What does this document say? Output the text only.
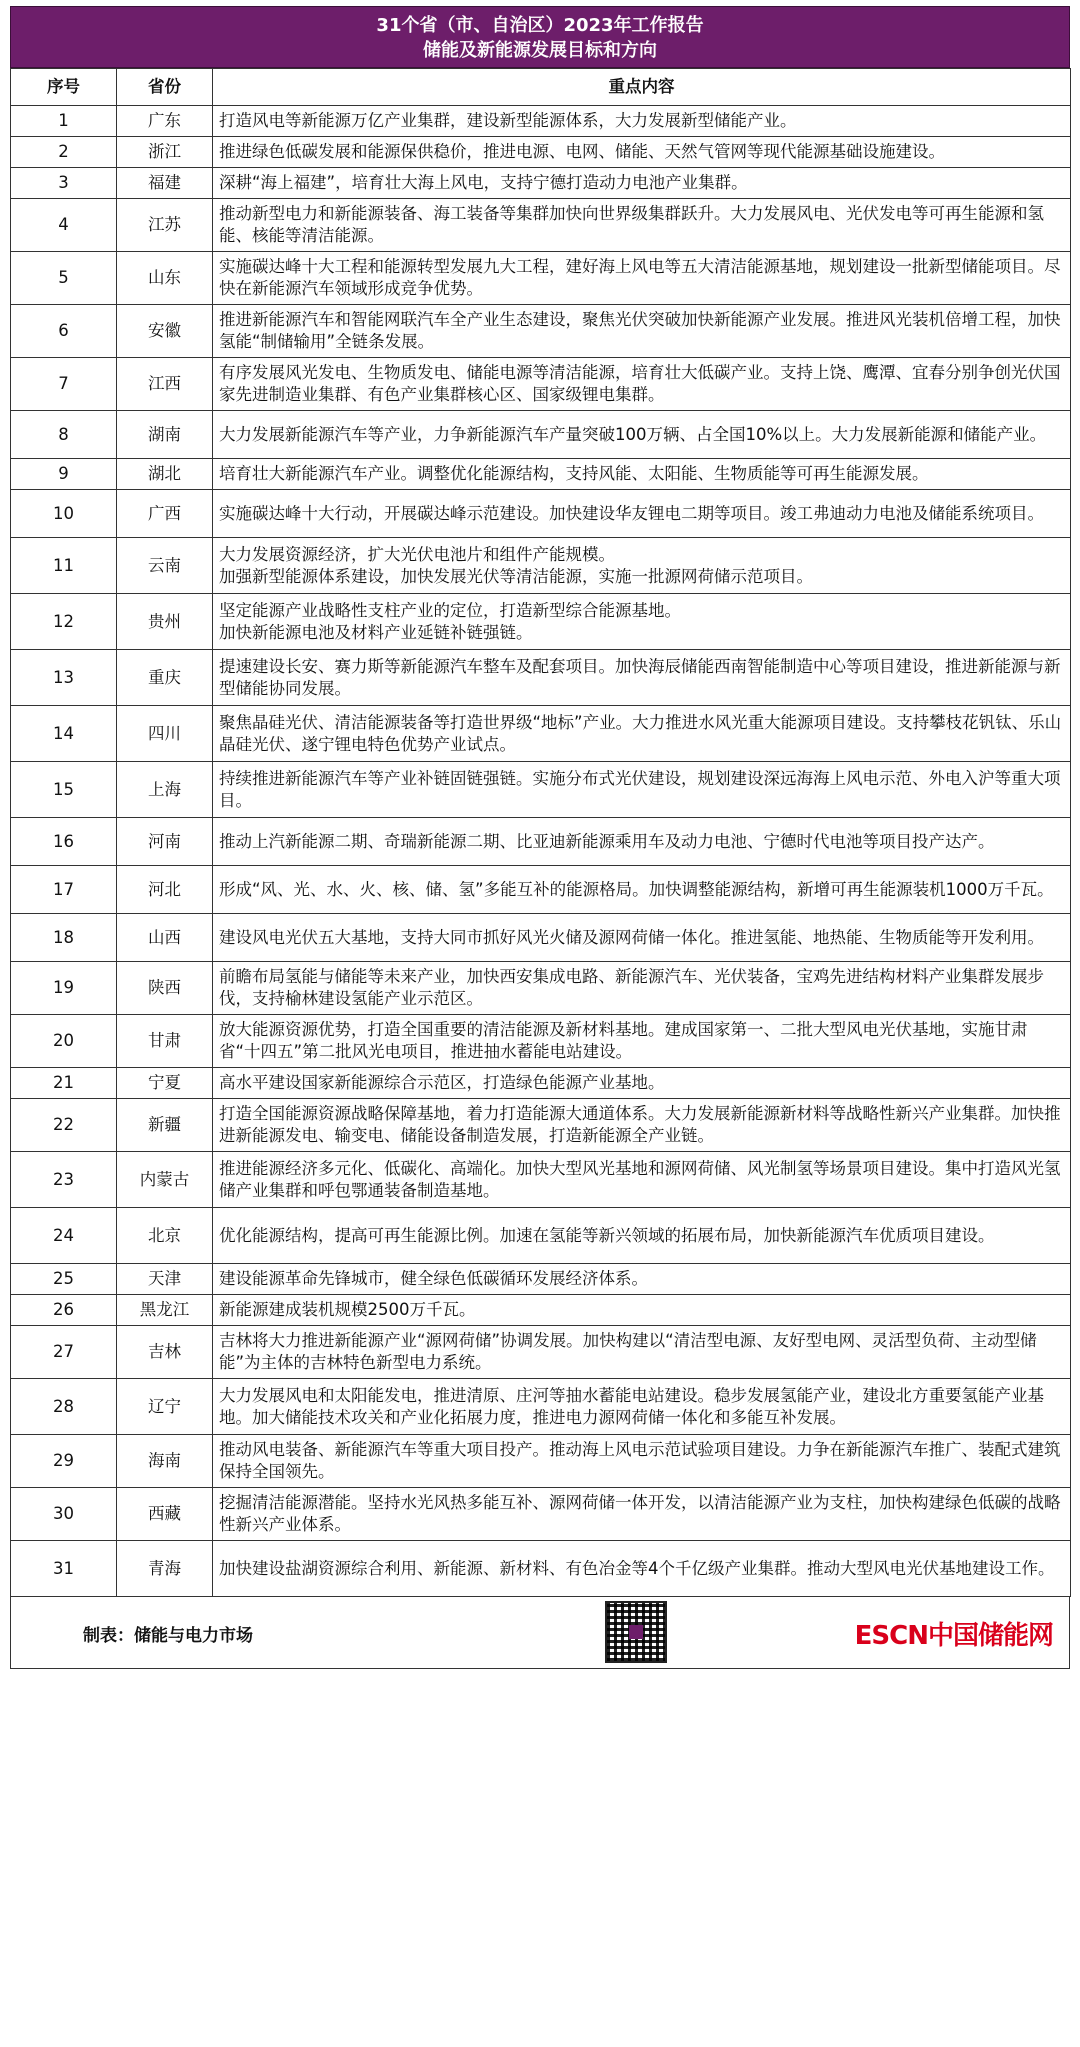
31个省（市、自治区）2023年工作报告
储能及新能源发展目标和方向
序号	省份	重点内容
1	广东	打造风电等新能源万亿产业集群，建设新型能源体系，大力发展新型储能产业。
2	浙江	推进绿色低碳发展和能源保供稳价，推进电源、电网、储能、天然气管网等现代能源基础设施建设。
3	福建	深耕“海上福建”，培育壮大海上风电，支持宁德打造动力电池产业集群。
4	江苏	推动新型电力和新能源装备、海工装备等集群加快向世界级集群跃升。大力发展风电、光伏发电等可再生能源和氢能、核能等清洁能源。
5	山东	实施碳达峰十大工程和能源转型发展九大工程，建好海上风电等五大清洁能源基地，规划建设一批新型储能项目。尽快在新能源汽车领域形成竞争优势。
6	安徽	推进新能源汽车和智能网联汽车全产业生态建设，聚焦光伏突破加快新能源产业发展。推进风光装机倍增工程，加快氢能“制储输用”全链条发展。
7	江西	有序发展风光发电、生物质发电、储能电源等清洁能源，培育壮大低碳产业。支持上饶、鹰潭、宜春分别争创光伏国家先进制造业集群、有色产业集群核心区、国家级锂电集群。
8	湖南	大力发展新能源汽车等产业，力争新能源汽车产量突破100万辆、占全国10%以上。大力发展新能源和储能产业。
9	湖北	培育壮大新能源汽车产业。调整优化能源结构，支持风能、太阳能、生物质能等可再生能源发展。
10	广西	实施碳达峰十大行动，开展碳达峰示范建设。加快建设华友锂电二期等项目。竣工弗迪动力电池及储能系统项目。
11	云南	大力发展资源经济，扩大光伏电池片和组件产能规模。
加强新型能源体系建设，加快发展光伏等清洁能源，实施一批源网荷储示范项目。
12	贵州	坚定能源产业战略性支柱产业的定位，打造新型综合能源基地。
加快新能源电池及材料产业延链补链强链。
13	重庆	提速建设长安、赛力斯等新能源汽车整车及配套项目。加快海辰储能西南智能制造中心等项目建设，推进新能源与新型储能协同发展。
14	四川	聚焦晶硅光伏、清洁能源装备等打造世界级“地标”产业。大力推进水风光重大能源项目建设。支持攀枝花钒钛、乐山晶硅光伏、遂宁锂电特色优势产业试点。
15	上海	持续推进新能源汽车等产业补链固链强链。实施分布式光伏建设，规划建设深远海海上风电示范、外电入沪等重大项目。
16	河南	推动上汽新能源二期、奇瑞新能源二期、比亚迪新能源乘用车及动力电池、宁德时代电池等项目投产达产。
17	河北	形成“风、光、水、火、核、储、氢”多能互补的能源格局。加快调整能源结构，新增可再生能源装机1000万千瓦。
18	山西	建设风电光伏五大基地，支持大同市抓好风光火储及源网荷储一体化。推进氢能、地热能、生物质能等开发利用。
19	陕西	前瞻布局氢能与储能等未来产业，加快西安集成电路、新能源汽车、光伏装备，宝鸡先进结构材料产业集群发展步伐，支持榆林建设氢能产业示范区。
20	甘肃	放大能源资源优势，打造全国重要的清洁能源及新材料基地。建成国家第一、二批大型风电光伏基地，实施甘肃省“十四五”第二批风光电项目，推进抽水蓄能电站建设。
21	宁夏	高水平建设国家新能源综合示范区，打造绿色能源产业基地。
22	新疆	打造全国能源资源战略保障基地，着力打造能源大通道体系。大力发展新能源新材料等战略性新兴产业集群。加快推进新能源发电、输变电、储能设备制造发展，打造新能源全产业链。
23	内蒙古	推进能源经济多元化、低碳化、高端化。加快大型风光基地和源网荷储、风光制氢等场景项目建设。集中打造风光氢储产业集群和呼包鄂通装备制造基地。
24	北京	优化能源结构，提高可再生能源比例。加速在氢能等新兴领域的拓展布局，加快新能源汽车优质项目建设。
25	天津	建设能源革命先锋城市，健全绿色低碳循环发展经济体系。
26	黑龙江	新能源建成装机规模2500万千瓦。
27	吉林	吉林将大力推进新能源产业“源网荷储”协调发展。加快构建以“清洁型电源、友好型电网、灵活型负荷、主动型储能”为主体的吉林特色新型电力系统。
28	辽宁	大力发展风电和太阳能发电，推进清原、庄河等抽水蓄能电站建设。稳步发展氢能产业，建设北方重要氢能产业基地。加大储能技术攻关和产业化拓展力度，推进电力源网荷储一体化和多能互补发展。
29	海南	推动风电装备、新能源汽车等重大项目投产。推动海上风电示范试验项目建设。力争在新能源汽车推广、装配式建筑保持全国领先。
30	西藏	挖掘清洁能源潜能。坚持水光风热多能互补、源网荷储一体开发，以清洁能源产业为支柱，加快构建绿色低碳的战略性新兴产业体系。
31	青海	加快建设盐湖资源综合利用、新能源、新材料、有色冶金等4个千亿级产业集群。推动大型风电光伏基地建设工作。
制表：储能与电力市场	ESCN中国储能网
